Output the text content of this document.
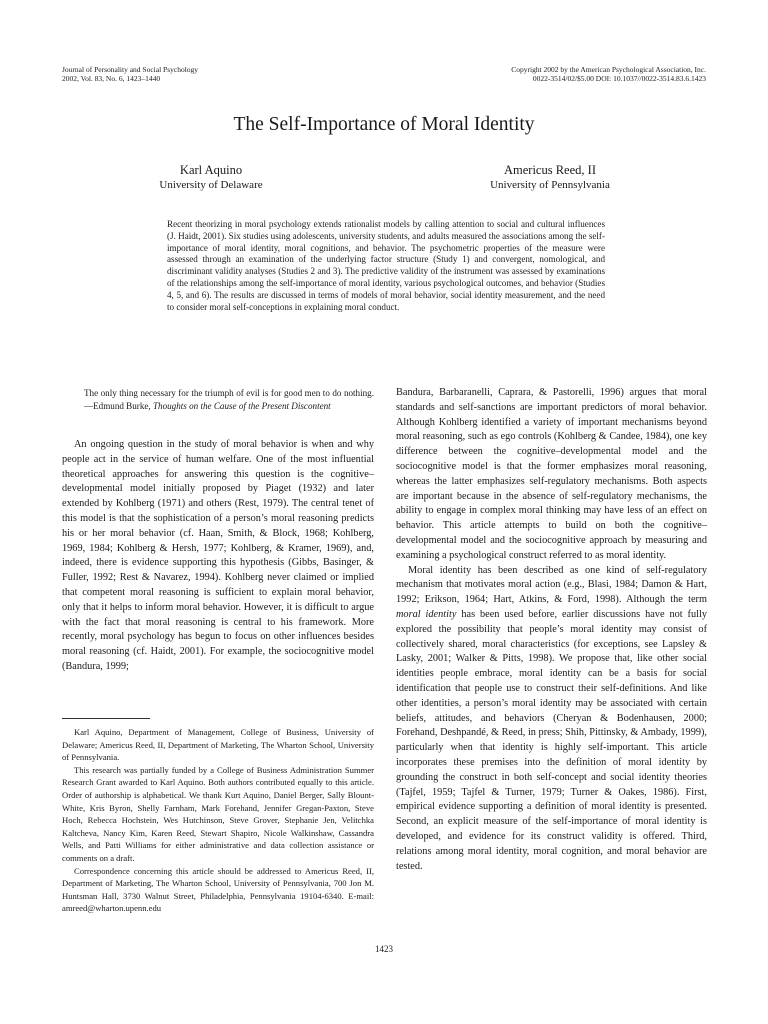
Journal of Personality and Social Psychology
2002, Vol. 83, No. 6, 1423–1440
Copyright 2002 by the American Psychological Association, Inc.
0022-3514/02/$5.00 DOI: 10.1037//0022-3514.83.6.1423
The Self-Importance of Moral Identity
Karl Aquino
University of Delaware
Americus Reed, II
University of Pennsylvania
Recent theorizing in moral psychology extends rationalist models by calling attention to social and cultural influences (J. Haidt, 2001). Six studies using adolescents, university students, and adults measured the associations among the self-importance of moral identity, moral cognitions, and behavior. The psychometric properties of the measure were assessed through an examination of the underlying factor structure (Study 1) and convergent, nomological, and discriminant validity analyses (Studies 2 and 3). The predictive validity of the instrument was assessed by examinations of the relationships among the self-importance of moral identity, various psychological outcomes, and behavior (Studies 4, 5, and 6). The results are discussed in terms of models of moral behavior, social identity measurement, and the need to consider moral self-conceptions in explaining moral conduct.
The only thing necessary for the triumph of evil is for good men to do nothing.—Edmund Burke, Thoughts on the Cause of the Present Discontent

An ongoing question in the study of moral behavior is when and why people act in the service of human welfare. One of the most influential theoretical approaches for answering this question is the cognitive–developmental model initially proposed by Piaget (1932) and later extended by Kohlberg (1971) and others (Rest, 1979). The central tenet of this model is that the sophistication of a person’s moral reasoning predicts his or her moral behavior (cf. Haan, Smith, & Block, 1968; Kohlberg, 1969, 1984; Kohlberg & Hersh, 1977; Kohlberg, & Kramer, 1969), and, indeed, there is evidence supporting this hypothesis (Gibbs, Basinger, & Fuller, 1992; Rest & Navarez, 1994). Kohlberg never claimed or implied that competent moral reasoning is sufficient to explain moral behavior, only that it helps to inform moral behavior. However, it is difficult to argue with the fact that moral reasoning is central to his framework. More recently, moral psychology has begun to focus on other influences besides moral reasoning (cf. Haidt, 2001). For example, the sociocognitive model (Bandura, 1999;

Karl Aquino, Department of Management, College of Business, University of Delaware; Americus Reed, II, Department of Marketing, The Wharton School, University of Pennsylvania.

This research was partially funded by a College of Business Administration Summer Research Grant awarded to Karl Aquino. Both authors contributed equally to this article. Order of authorship is alphabetical. We thank Kurt Aquino, Daniel Berger, Sally Blount-White, Kris Byron, Shelly Farnham, Mark Forehand, Jennifer Gregan-Paxton, Steve Hoch, Rebecca Hochstein, Wes Hutchinson, Steve Grover, Stephanie Jen, Velitchka Kaltcheva, Nancy Kim, Karen Reed, Stewart Shapiro, Nicole Walkinshaw, Cassandra Wells, and Patti Williams for either administrative and data collection assistance or comments on a draft.

Correspondence concerning this article should be addressed to Americus Reed, II, Department of Marketing, The Wharton School, University of Pennsylvania, 700 Jon M. Huntsman Hall, 3730 Walnut Street, Philadelphia, Pennsylvania 19104-6340. E-mail: amreed@wharton.upenn.edu

Bandura, Barbaranelli, Caprara, & Pastorelli, 1996) argues that moral standards and self-sanctions are important predictors of moral behavior. Although Kohlberg identified a variety of important mechanisms beyond moral reasoning, such as ego controls (Kohlberg & Candee, 1984), one key difference between the cognitive–developmental model and the sociocognitive model is that the former emphasizes moral reasoning, whereas the latter emphasizes self-regulatory mechanisms. Both aspects are important because in the absence of self-regulatory mechanisms, the ability to engage in complex moral thinking may have less of an effect on behavior. This article attempts to build on both the cognitive–developmental model and the sociocognitive approach by measuring and examining a psychological construct referred to as moral identity.

Moral identity has been described as one kind of self-regulatory mechanism that motivates moral action (e.g., Blasi, 1984; Damon & Hart, 1992; Erikson, 1964; Hart, Atkins, & Ford, 1998). Although the term moral identity has been used before, earlier discussions have not fully explored the possibility that people’s moral identity may consist of collectively shared, moral characteristics (for exceptions, see Lapsley & Lasky, 2001; Walker & Pitts, 1998). We propose that, like other social identities people embrace, moral identity can be a basis for social identification that people use to construct their self-definitions. And like other identities, a person’s moral identity may be associated with certain beliefs, attitudes, and behaviors (Cheryan & Bodenhausen, 2000; Forehand, Deshpandé, & Reed, in press; Shih, Pittinsky, & Ambady, 1999), particularly when that identity is highly self-important. This article incorporates these premises into the definition of moral identity by grounding the construct in both self-concept and social identity theories (Tajfel, 1959; Tajfel & Turner, 1979; Turner & Oakes, 1986). First, empirical evidence supporting a definition of moral identity is presented. Second, an explicit measure of the self-importance of moral identity is developed, and evidence for its construct validity is offered. Third, relations among moral identity, moral cognition, and moral behavior are tested.

1423
